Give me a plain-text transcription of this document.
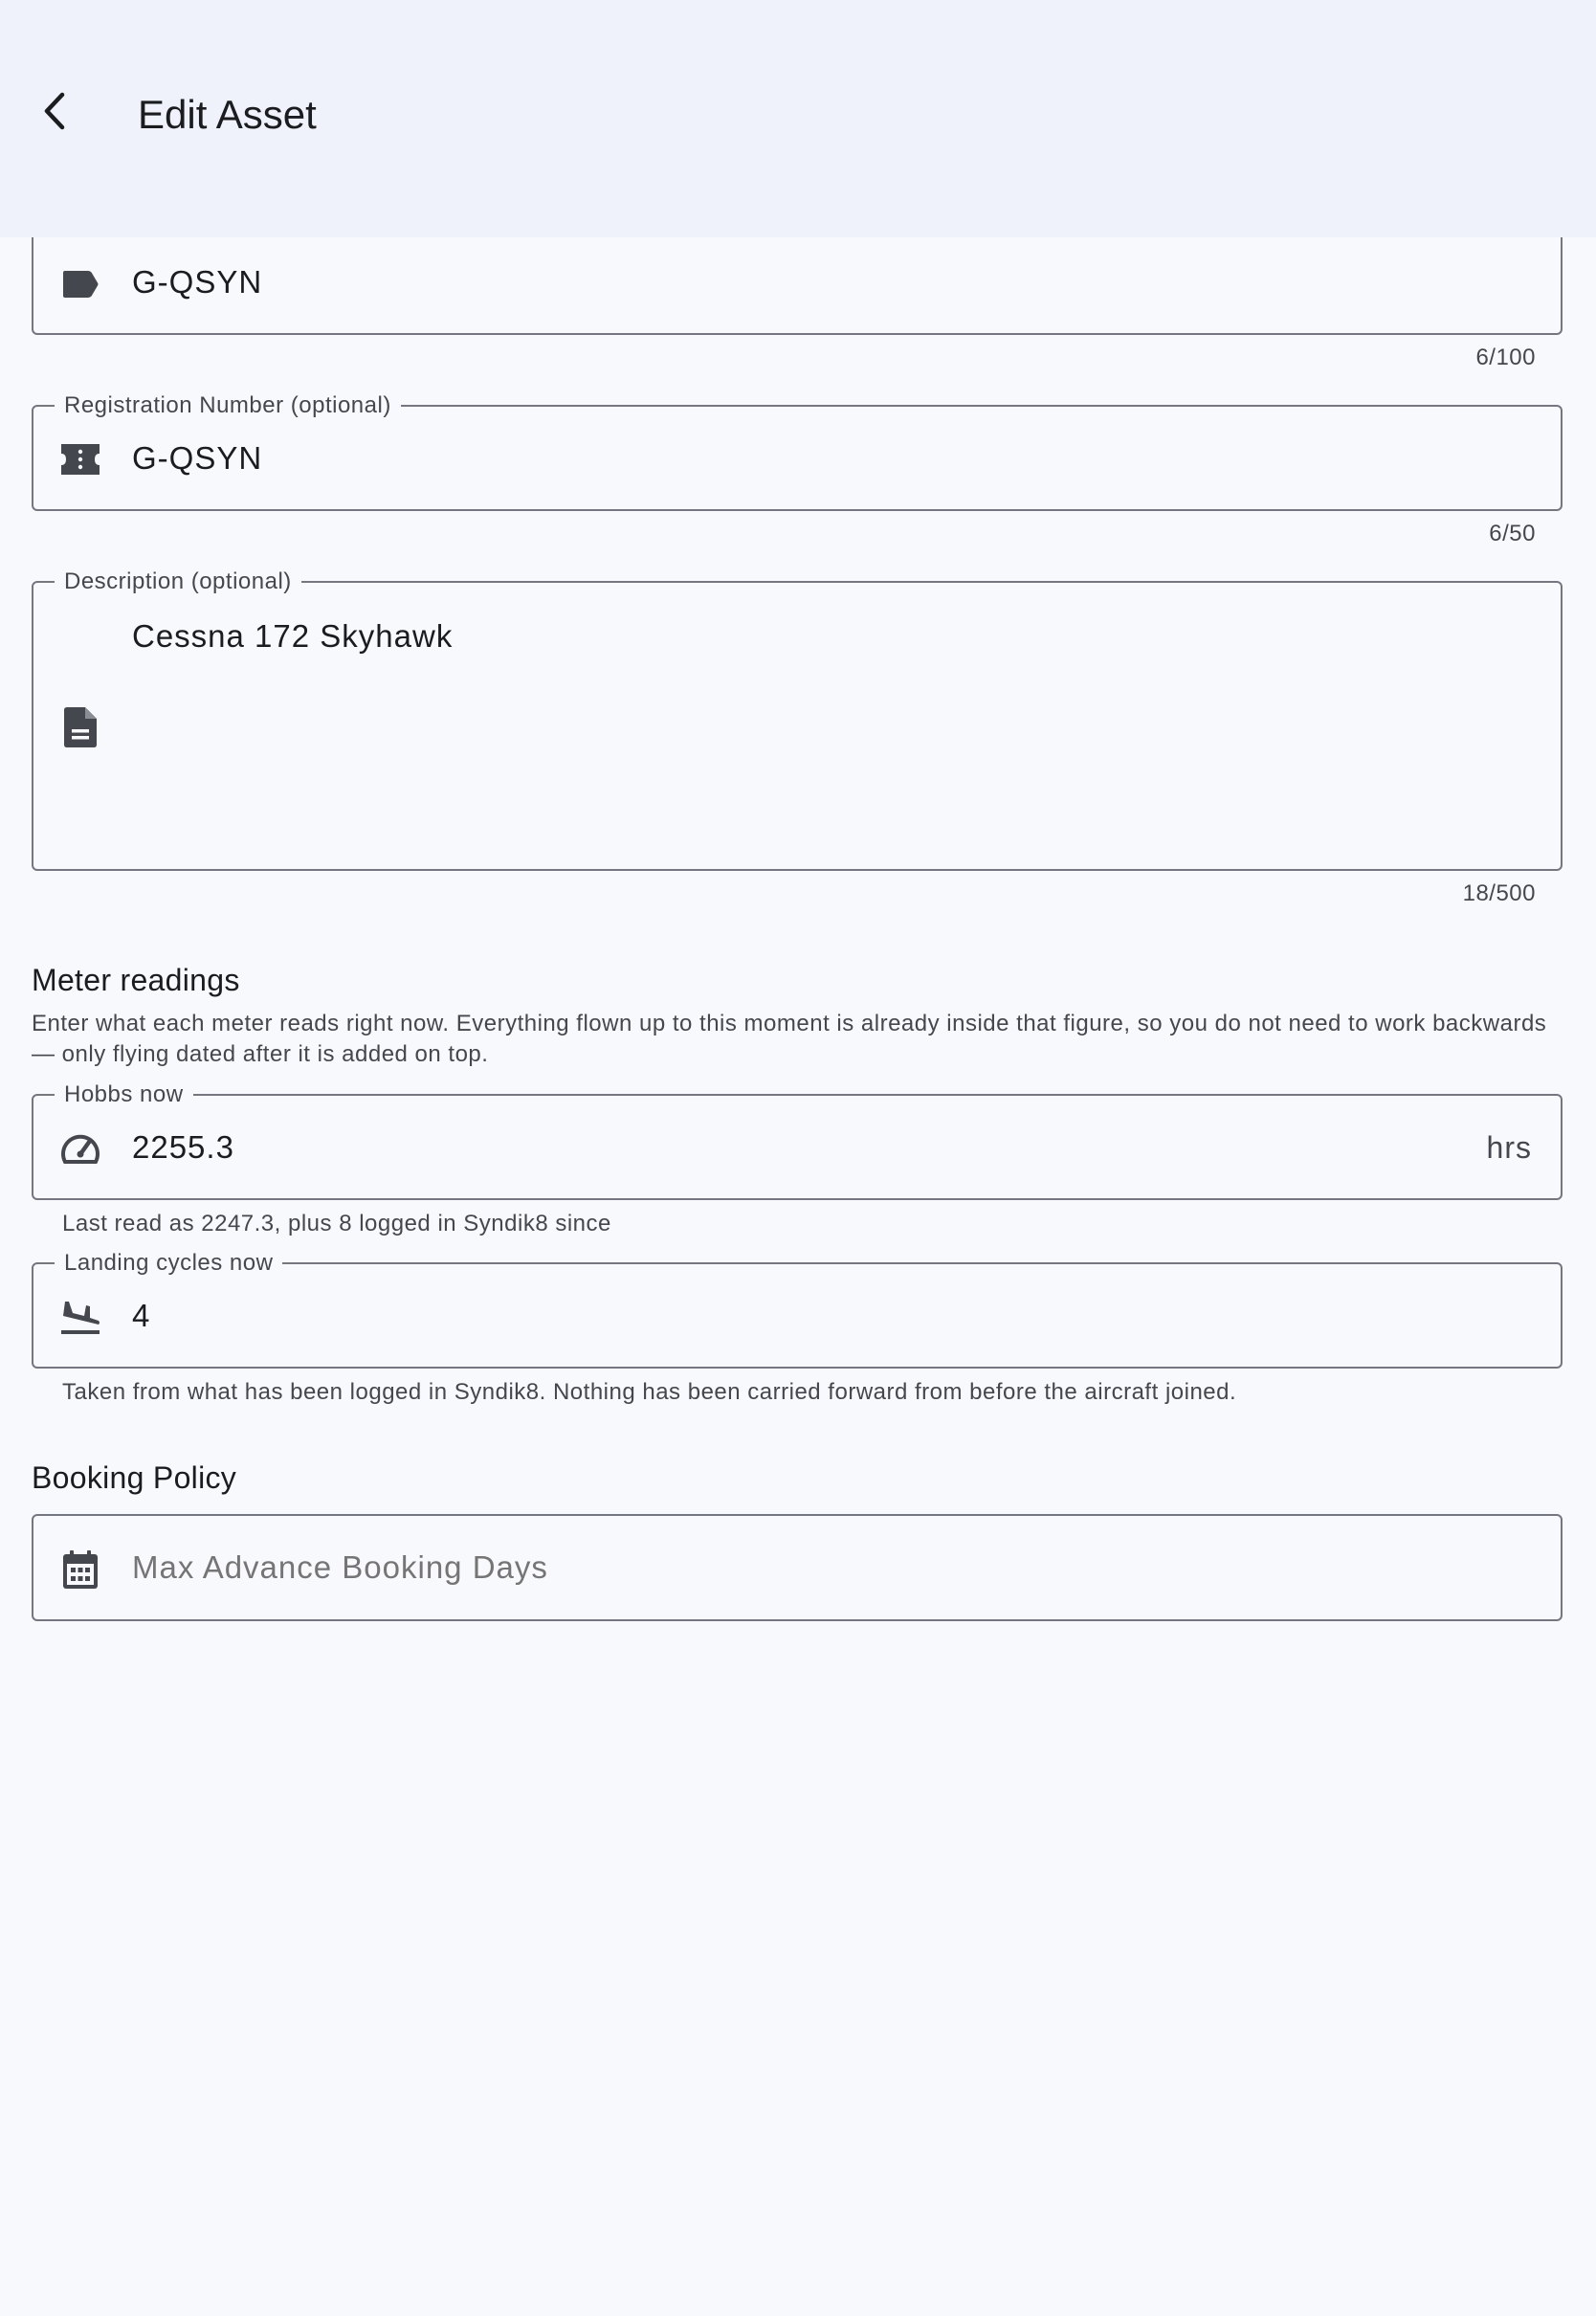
G-QSYN
6/100
Registration Number (optional)
G-QSYN
6/50
Description (optional)
Cessna 172 Skyhawk
18/500
Meter readings
Enter what each meter reads right now. Everything flown up to this moment is already inside that figure, so you do not need to work backwards — only flying dated after it is added on top.
Hobbs now
2255.3
hrs
Last read as 2247.3, plus 8 logged in Syndik8 since
Landing cycles now
4
Taken from what has been logged in Syndik8. Nothing has been carried forward from before the aircraft joined.
Booking Policy
Max Advance Booking Days
Edit Asset
